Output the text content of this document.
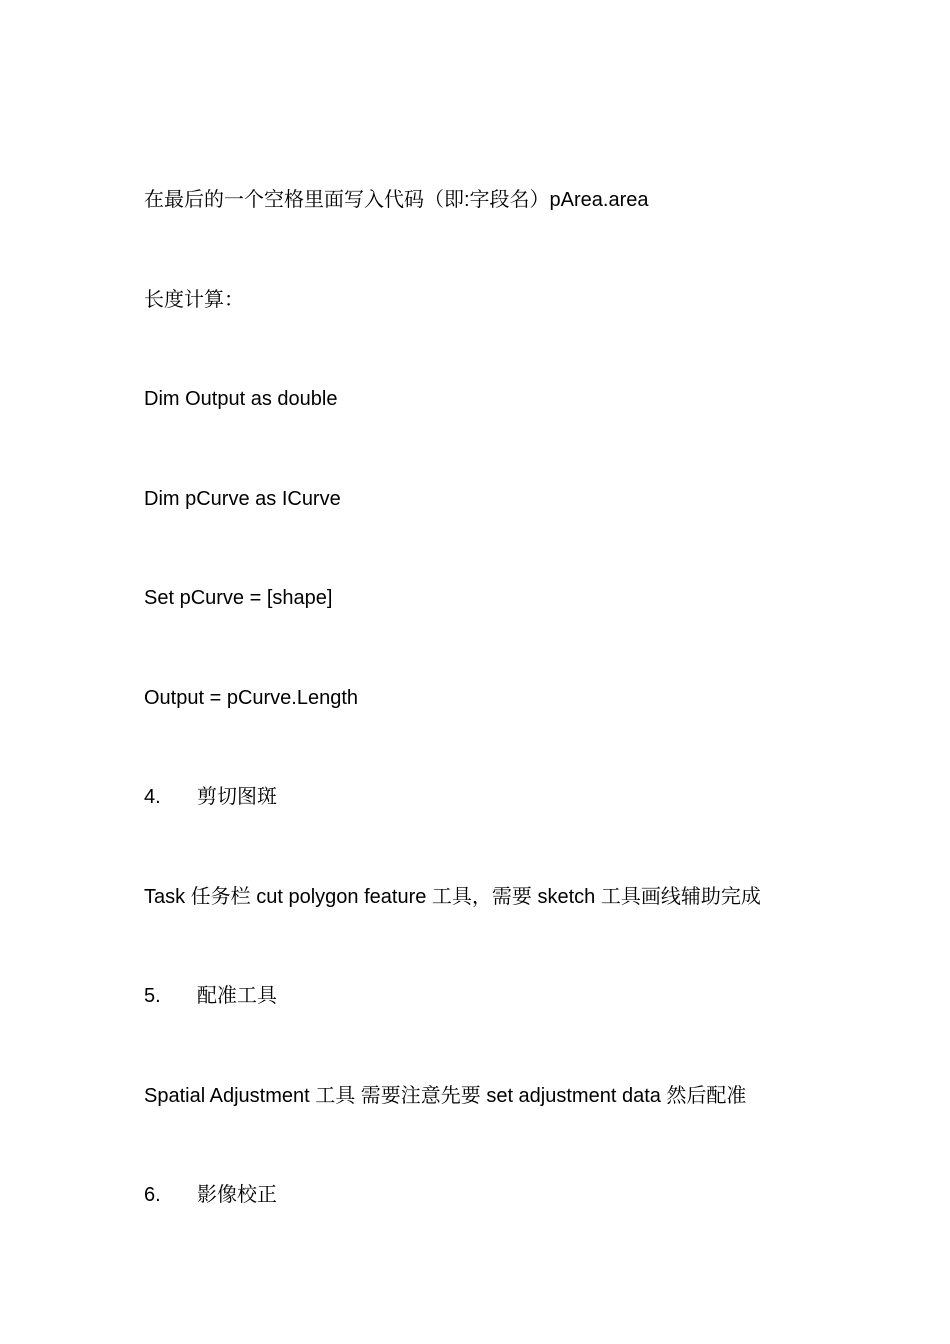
在最后的一个空格里面写入代码（即:字段名）pArea.area
长度计算：
Dim Output as double
Dim pCurve as ICurve
Set pCurve = [shape]
Output = pCurve.Length
4. 剪切图斑
Task 任务栏 cut polygon feature 工具，需要 sketch 工具画线辅助完成
5. 配准工具
Spatial Adjustment 工具 需要注意先要 set adjustment data 然后配准
6. 影像校正
